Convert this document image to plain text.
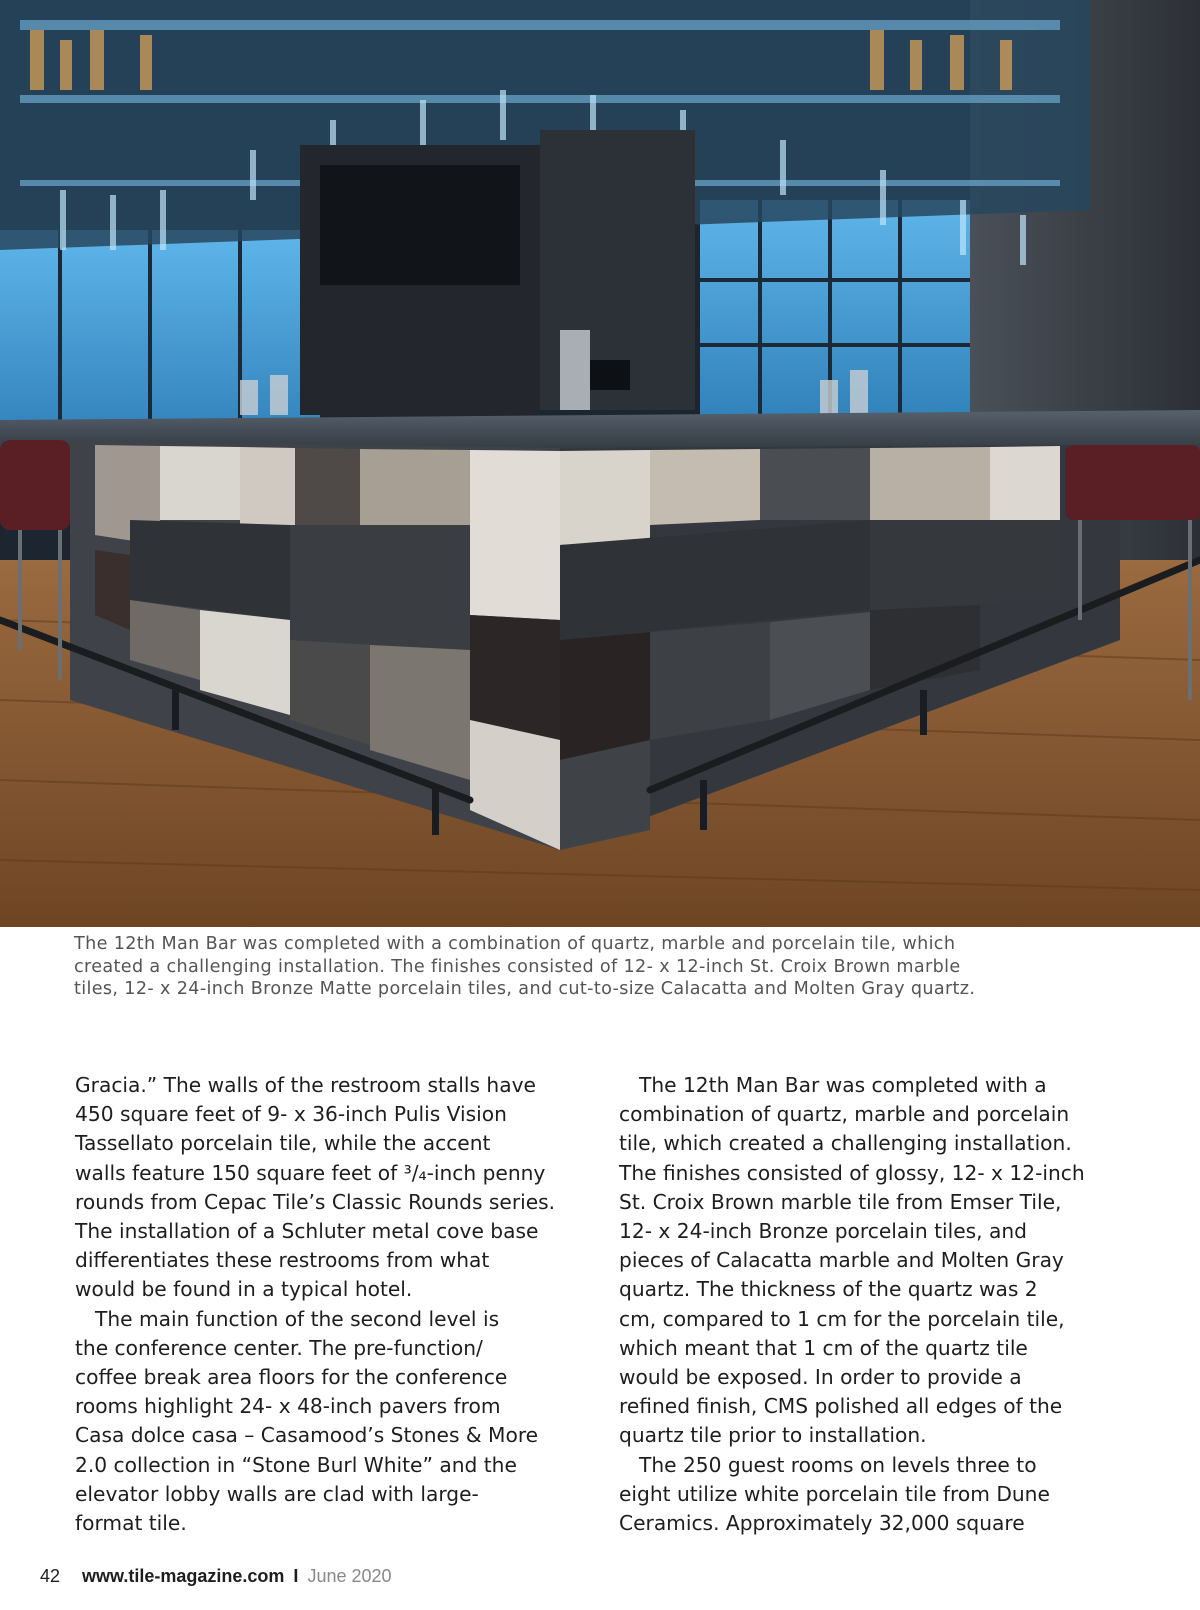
The 12th Man Bar was completed with a combination of quartz, marble and porcelain tile, which
created a challenging installation. The finishes consisted of 12- x 12-inch St. Croix Brown marble
tiles, 12- x 24-inch Bronze Matte porcelain tiles, and cut-to-size Calacatta and Molten Gray quartz.
Gracia.” The walls of the restroom stalls have
450 square feet of 9- x 36-inch Pulis Vision
Tassellato porcelain tile, while the accent
walls feature 150 square feet of ³/₄-inch penny
rounds from Cepac Tile’s Classic Rounds series.
The installation of a Schluter metal cove base
differentiates these restrooms from what
would be found in a typical hotel.
The main function of the second level is
the conference center. The pre-function/
coffee break area floors for the conference
rooms highlight 24- x 48-inch pavers from
Casa dolce casa – Casamood’s Stones & More
2.0 collection in “Stone Burl White” and the
elevator lobby walls are clad with large-
format tile.
The 12th Man Bar was completed with a
combination of quartz, marble and porcelain
tile, which created a challenging installation.
The finishes consisted of glossy, 12- x 12-inch
St. Croix Brown marble tile from Emser Tile,
12- x 24-inch Bronze porcelain tiles, and
pieces of Calacatta marble and Molten Gray
quartz. The thickness of the quartz was 2
cm, compared to 1 cm for the porcelain tile,
which meant that 1 cm of the quartz tile
would be exposed. In order to provide a
refined finish, CMS polished all edges of the
quartz tile prior to installation.
The 250 guest rooms on levels three to
eight utilize white porcelain tile from Dune
Ceramics. Approximately 32,000 square
42 www.tile-magazine.com I June 2020
